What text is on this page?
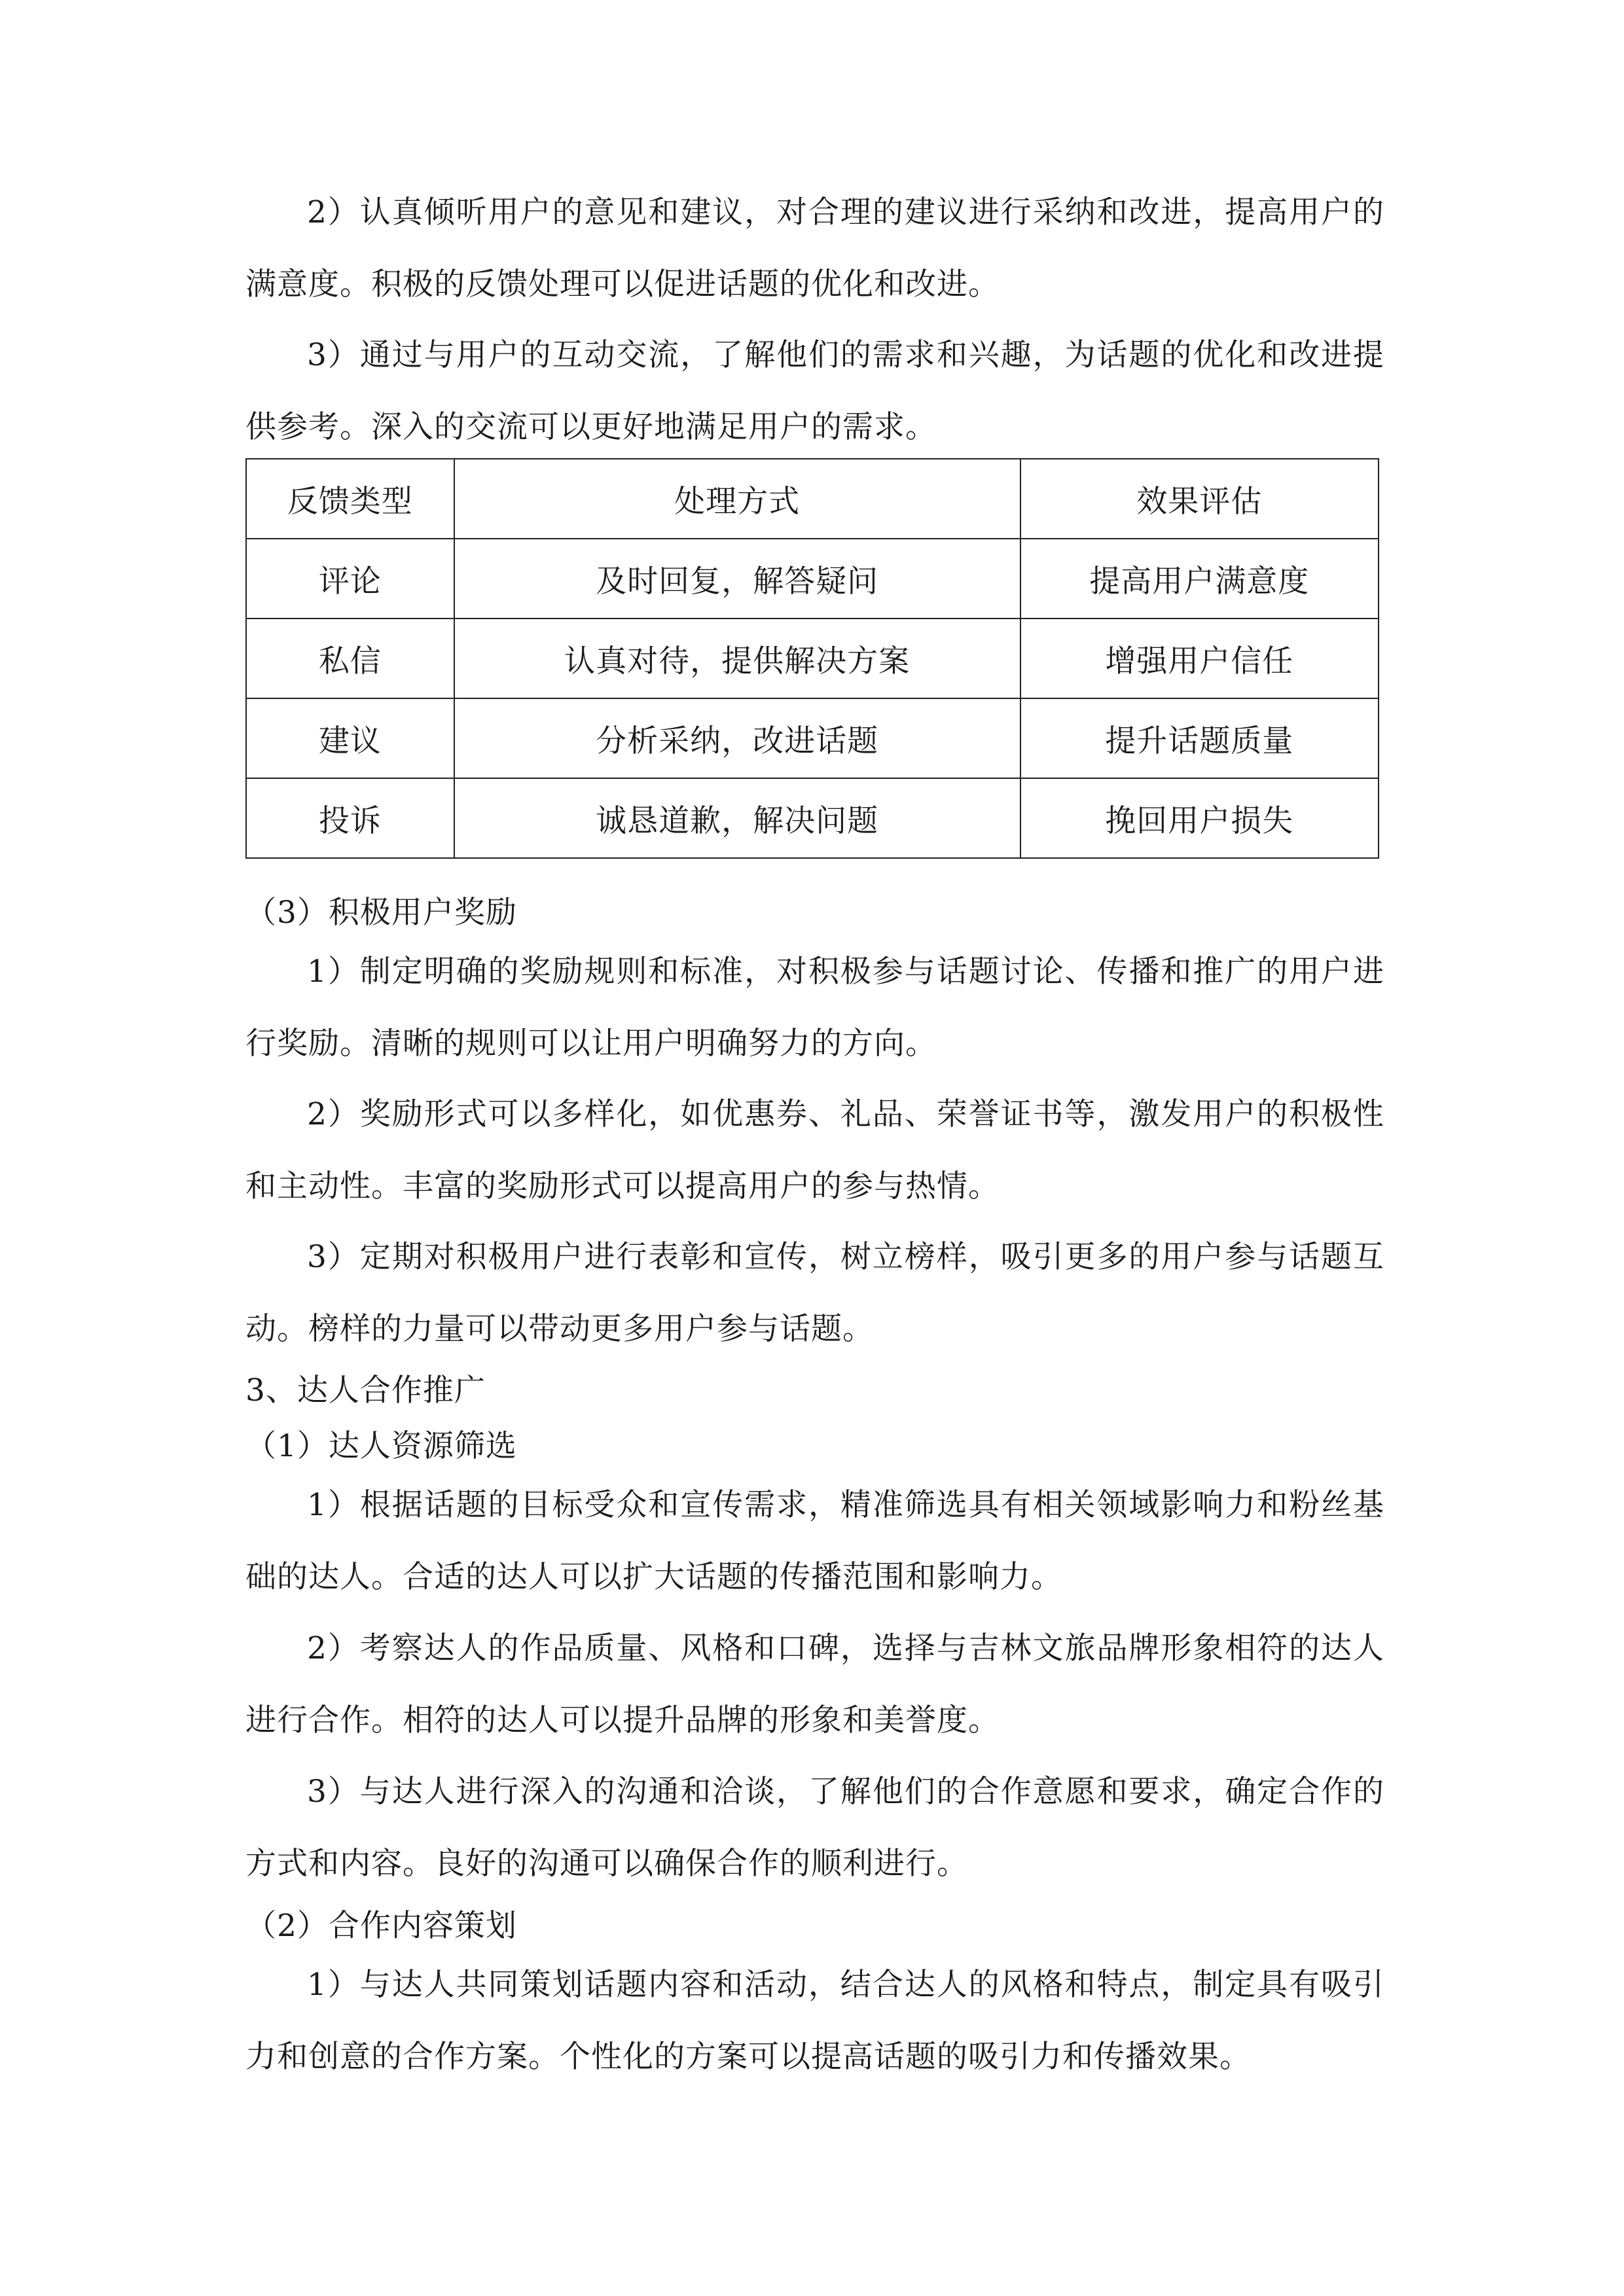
2）认真倾听用户的意见和建议，对合理的建议进行采纳和改进，提高用户的满意度。积极的反馈处理可以促进话题的优化和改进。

3）通过与用户的互动交流，了解他们的需求和兴趣，为话题的优化和改进提供参考。深入的交流可以更好地满足用户的需求。

反馈类型	处理方式	效果评估
评论	及时回复，解答疑问	提高用户满意度
私信	认真对待，提供解决方案	增强用户信任
建议	分析采纳，改进话题	提升话题质量
投诉	诚恳道歉，解决问题	挽回用户损失

（3）积极用户奖励

1）制定明确的奖励规则和标准，对积极参与话题讨论、传播和推广的用户进行奖励。清晰的规则可以让用户明确努力的方向。

2）奖励形式可以多样化，如优惠券、礼品、荣誉证书等，激发用户的积极性和主动性。丰富的奖励形式可以提高用户的参与热情。

3）定期对积极用户进行表彰和宣传，树立榜样，吸引更多的用户参与话题互动。榜样的力量可以带动更多用户参与话题。

3、达人合作推广

（1）达人资源筛选

1）根据话题的目标受众和宣传需求，精准筛选具有相关领域影响力和粉丝基础的达人。合适的达人可以扩大话题的传播范围和影响力。

2）考察达人的作品质量、风格和口碑，选择与吉林文旅品牌形象相符的达人进行合作。相符的达人可以提升品牌的形象和美誉度。

3）与达人进行深入的沟通和洽谈，了解他们的合作意愿和要求，确定合作的方式和内容。良好的沟通可以确保合作的顺利进行。

（2）合作内容策划

1）与达人共同策划话题内容和活动，结合达人的风格和特点，制定具有吸引力和创意的合作方案。个性化的方案可以提高话题的吸引力和传播效果。
